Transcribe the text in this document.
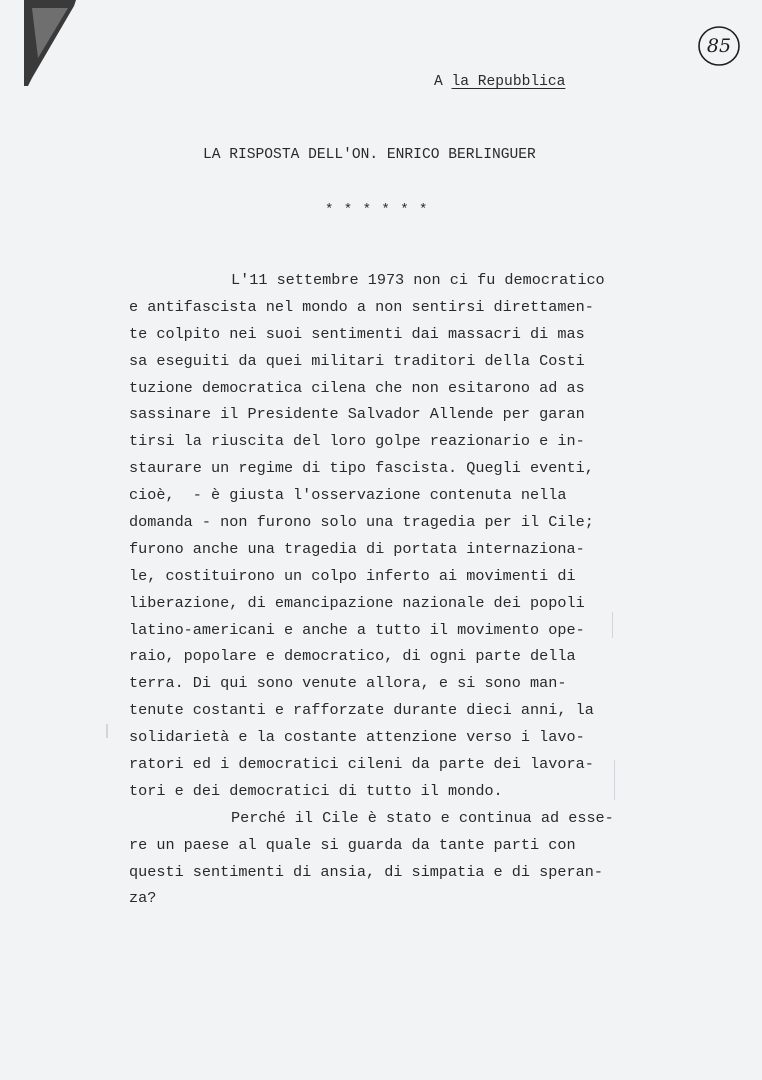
85
A la Repubblica
LA RISPOSTA DELL'ON. ENRICO BERLINGUER
* * * * * *
L'11 settembre 1973 non ci fu democratico
e antifascista nel mondo a non sentirsi direttamen-
te colpito nei suoi sentimenti dai massacri di mas
sa eseguiti da quei militari traditori della Costi
tuzione democratica cilena che non esitarono ad as
sassinare il Presidente Salvador Allende per garan
tirsi la riuscita del loro golpe reazionario e in-
staurare un regime di tipo fascista. Quegli eventi,
cioè,  - è giusta l'osservazione contenuta nella
domanda - non furono solo una tragedia per il Cile;
furono anche una tragedia di portata internaziona-
le, costituirono un colpo inferto ai movimenti di
liberazione, di emancipazione nazionale dei popoli
latino-americani e anche a tutto il movimento ope-
raio, popolare e democratico, di ogni parte della
terra. Di qui sono venute allora, e si sono man-
tenute costanti e rafforzate durante dieci anni, la
solidarietà e la costante attenzione verso i lavo-
ratori ed i democratici cileni da parte dei lavora-
tori e dei democratici di tutto il mondo.
Perché il Cile è stato e continua ad esse-
re un paese al quale si guarda da tante parti con
questi sentimenti di ansia, di simpatia e di speran-
za?
